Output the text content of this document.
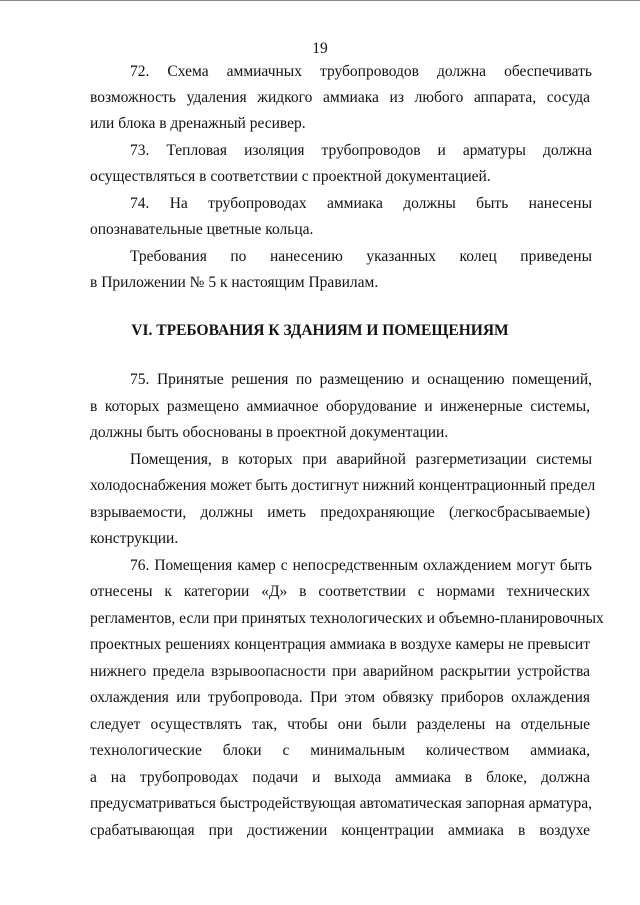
19
72. Схема аммиачных трубопроводов должна обеспечивать
возможность удаления жидкого аммиака из любого аппарата, сосуда
или блока в дренажный ресивер.
73. Тепловая изоляция трубопроводов и арматуры должна
осуществляться в соответствии с проектной документацией.
74. На трубопроводах аммиака должны быть нанесены
опознавательные цветные кольца.
Требования по нанесению указанных колец приведены
в Приложении № 5 к настоящим Правилам.
VI. ТРЕБОВАНИЯ К ЗДАНИЯМ И ПОМЕЩЕНИЯМ
75. Принятые решения по размещению и оснащению помещений,
в которых размещено аммиачное оборудование и инженерные системы,
должны быть обоснованы в проектной документации.
Помещения, в которых при аварийной разгерметизации системы
холодоснабжения может быть достигнут нижний концентрационный предел
взрываемости, должны иметь предохраняющие (легкосбрасываемые)
конструкции.
76. Помещения камер с непосредственным охлаждением могут быть
отнесены к категории «Д» в соответствии с нормами технических
регламентов, если при принятых технологических и объемно-планировочных
проектных решениях концентрация аммиака в воздухе камеры не превысит
нижнего предела взрывоопасности при аварийном раскрытии устройства
охлаждения или трубопровода. При этом обвязку приборов охлаждения
следует осуществлять так, чтобы они были разделены на отдельные
технологические блоки с минимальным количеством аммиака,
а на трубопроводах подачи и выхода аммиака в блоке, должна
предусматриваться быстродействующая автоматическая запорная арматура,
срабатывающая при достижении концентрации аммиака в воздухе
